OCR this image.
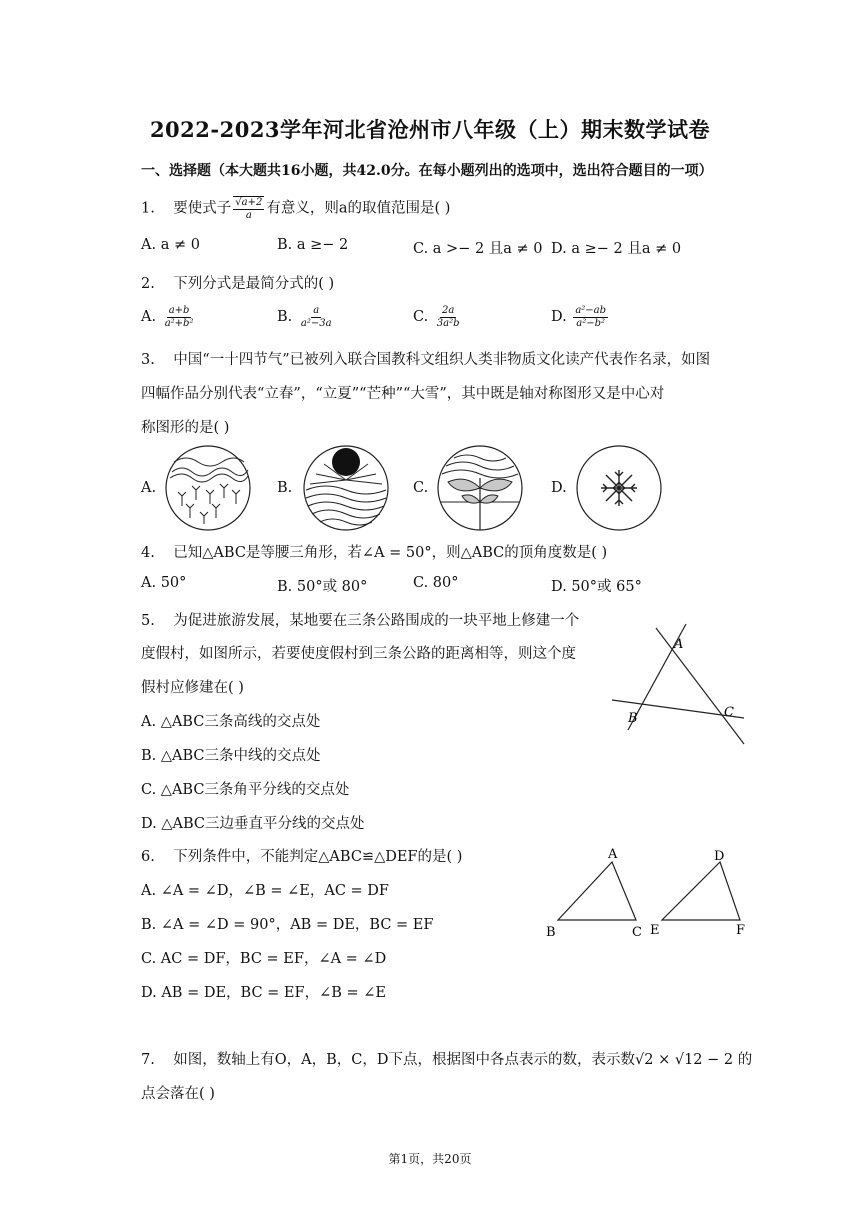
2022-2023学年河北省沧州市八年级（上）期末数学试卷
一、选择题（本大题共16小题，共42.0分。在每小题列出的选项中，选出符合题目的一项）
1. 要使式子 $\frac{√a+2}{a}$ 有意义，则a的取值范围是( )
A. a ≠ 0	B. a ≥− 2	C. a >− 2 且a ≠ 0 D. a ≥− 2 且a ≠ 0
2. 下列分式是最简分式的( )
A. $\frac{a+b}{\text{a²+b²}}$	B. $\frac{a}{\text{a²−3a}}$	C. $\frac{2a}{\text{3a²b}}$	D. $\frac{\text{a²−ab}}{\text{a²−b²}}$
3. 中国“一十四节气”已被列入联合国教科文组织人类非物质文化读产代表作名录，如图
四幅作品分别代表“立春”，“立夏”“芒种”“大雪”，其中既是轴对称图形又是中心对
称图形的是( )
A.	B.	C.	D.
4. 已知△ABC是等腰三角形，若∠A = 50°，则△ABC的顶角度数是( )
A. 50°	B. 50°或 80°	C. 80°	D. 50°或 65°
5. 为促进旅游发展，某地要在三条公路围成的一块平地上修建一个
度假村，如图所示，若要使度假村到三条公路的距离相等，则这个度
假村应修建在( )
A. △ABC三条高线的交点处
B. △ABC三条中线的交点处
C. △ABC三条角平分线的交点处
D. △ABC三边垂直平分线的交点处
A
B	C
6. 下列条件中，不能判定△ABC≌△DEF的是( )
A. ∠A = ∠D，∠B = ∠E，AC = DF
B. ∠A = ∠D = 90°，AB = DE，BC = EF
C. AC = DF，BC = EF，∠A = ∠D
D. AB = DE，BC = EF，∠B = ∠E
A
B	C
D
E	F
7. 如图，数轴上有O，A，B，C，D下点，根据图中各点表示的数，表示数√2 × √12 − 2 的
点会落在( )
第1页，共20页
